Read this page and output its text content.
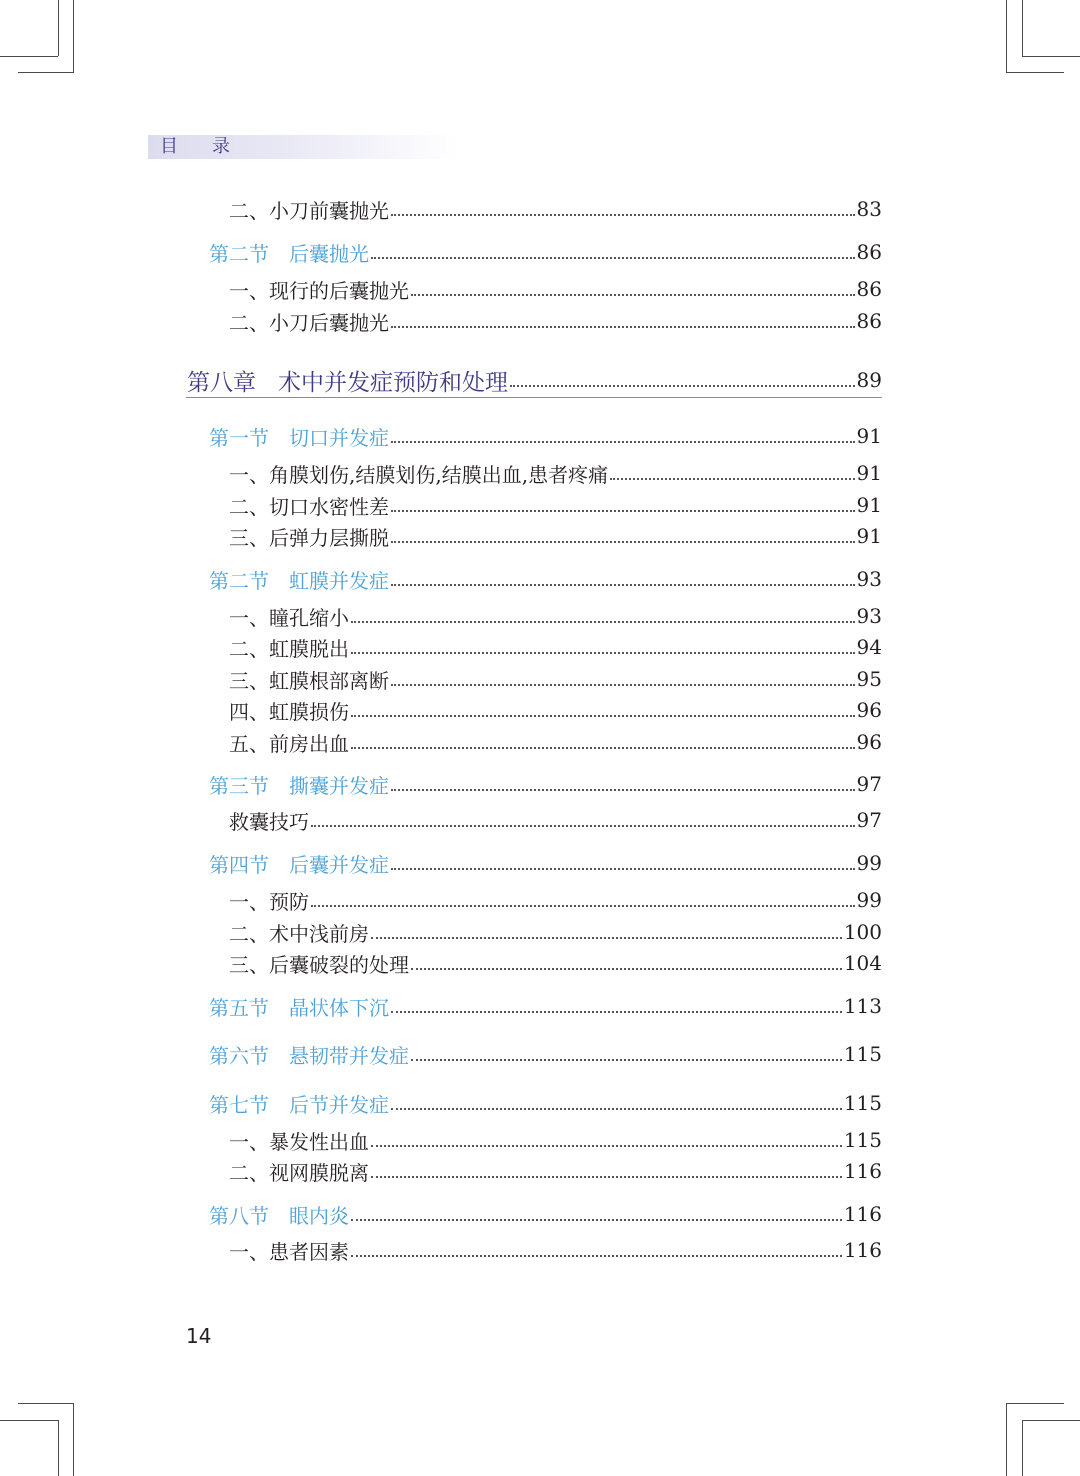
目录
二、小刀前囊抛光	83
第二节 后囊抛光	86
一、现行的后囊抛光	86
二、小刀后囊抛光	86
第八章 术中并发症预防和处理	89
第一节 切口并发症	91
一、角膜划伤,结膜划伤,结膜出血,患者疼痛	91
二、切口水密性差	91
三、后弹力层撕脱	91
第二节 虹膜并发症	93
一、瞳孔缩小	93
二、虹膜脱出	94
三、虹膜根部离断	95
四、虹膜损伤	96
五、前房出血	96
第三节 撕囊并发症	97
救囊技巧	97
第四节 后囊并发症	99
一、预防	99
二、术中浅前房	100
三、后囊破裂的处理	104
第五节 晶状体下沉	113
第六节 悬韧带并发症	115
第七节 后节并发症	115
一、暴发性出血	115
二、视网膜脱离	116
第八节 眼内炎	116
一、患者因素	116
14
